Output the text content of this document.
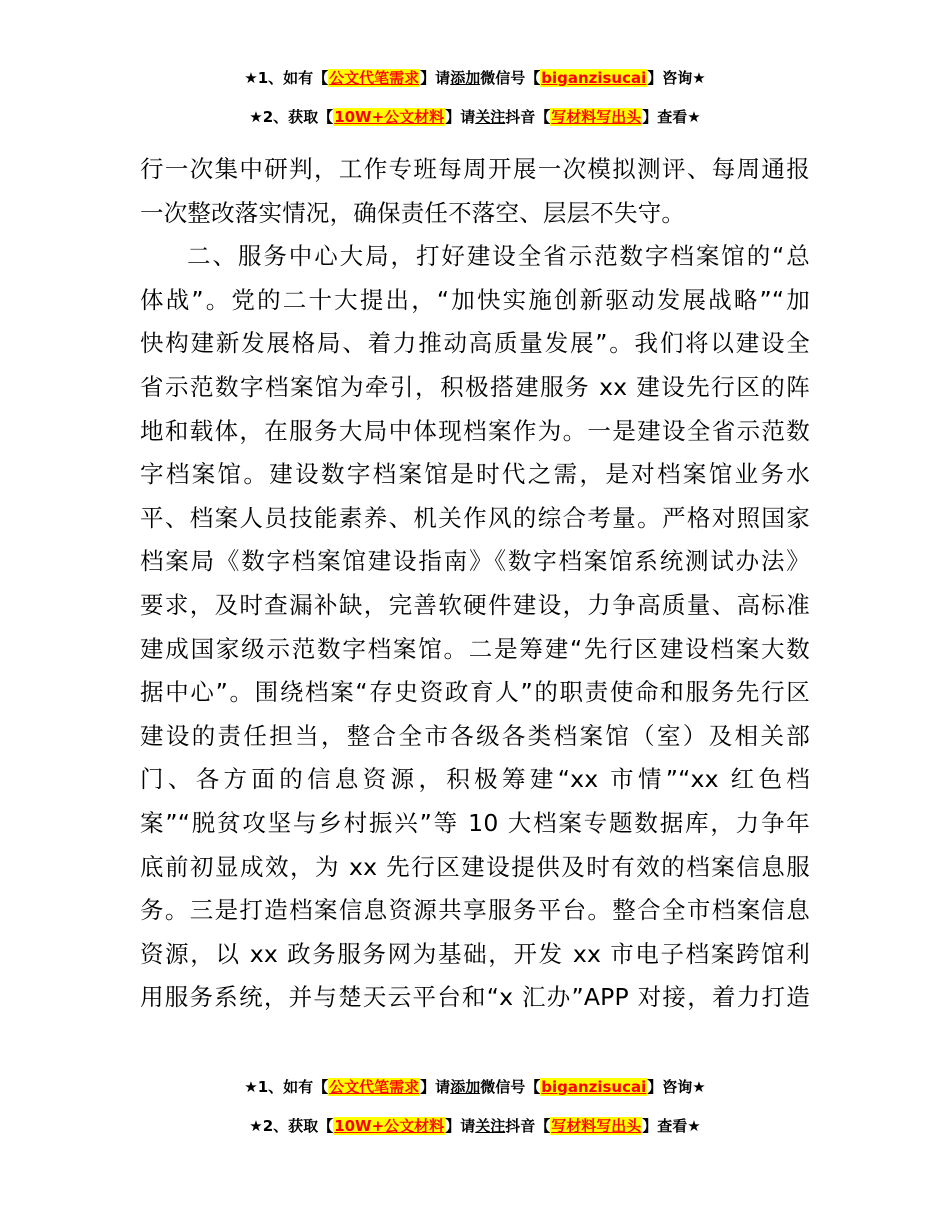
★1、如有【公文代笔需求】请添加微信号【biganzisucai】咨询★
★2、获取【10W+公文材料】请关注抖音【写材料写出头】查看★
行一次集中研判，工作专班每周开展一次模拟测评、每周通报
一次整改落实情况，确保责任不落空、层层不失守。
二、服务中心大局，打好建设全省示范数字档案馆的“总
体战”。党的二十大提出，“加快实施创新驱动发展战略”“加
快构建新发展格局、着力推动高质量发展”。我们将以建设全
省示范数字档案馆为牵引，积极搭建服务 xx 建设先行区的阵
地和载体，在服务大局中体现档案作为。一是建设全省示范数
字档案馆。建设数字档案馆是时代之需，是对档案馆业务水
平、档案人员技能素养、机关作风的综合考量。严格对照国家
档案局《数字档案馆建设指南》《数字档案馆系统测试办法》
要求，及时查漏补缺，完善软硬件建设，力争高质量、高标准
建成国家级示范数字档案馆。二是筹建“先行区建设档案大数
据中心”。围绕档案“存史资政育人”的职责使命和服务先行区
建设的责任担当，整合全市各级各类档案馆（室）及相关部
门、各方面的信息资源，积极筹建“xx 市情”“xx 红色档
案”“脱贫攻坚与乡村振兴”等 10 大档案专题数据库，力争年
底前初显成效，为 xx 先行区建设提供及时有效的档案信息服
务。三是打造档案信息资源共享服务平台。整合全市档案信息
资源，以 xx 政务服务网为基础，开发 xx 市电子档案跨馆利
用服务系统，并与楚天云平台和“x 汇办”APP 对接，着力打造
★1、如有【公文代笔需求】请添加微信号【biganzisucai】咨询★
★2、获取【10W+公文材料】请关注抖音【写材料写出头】查看★
